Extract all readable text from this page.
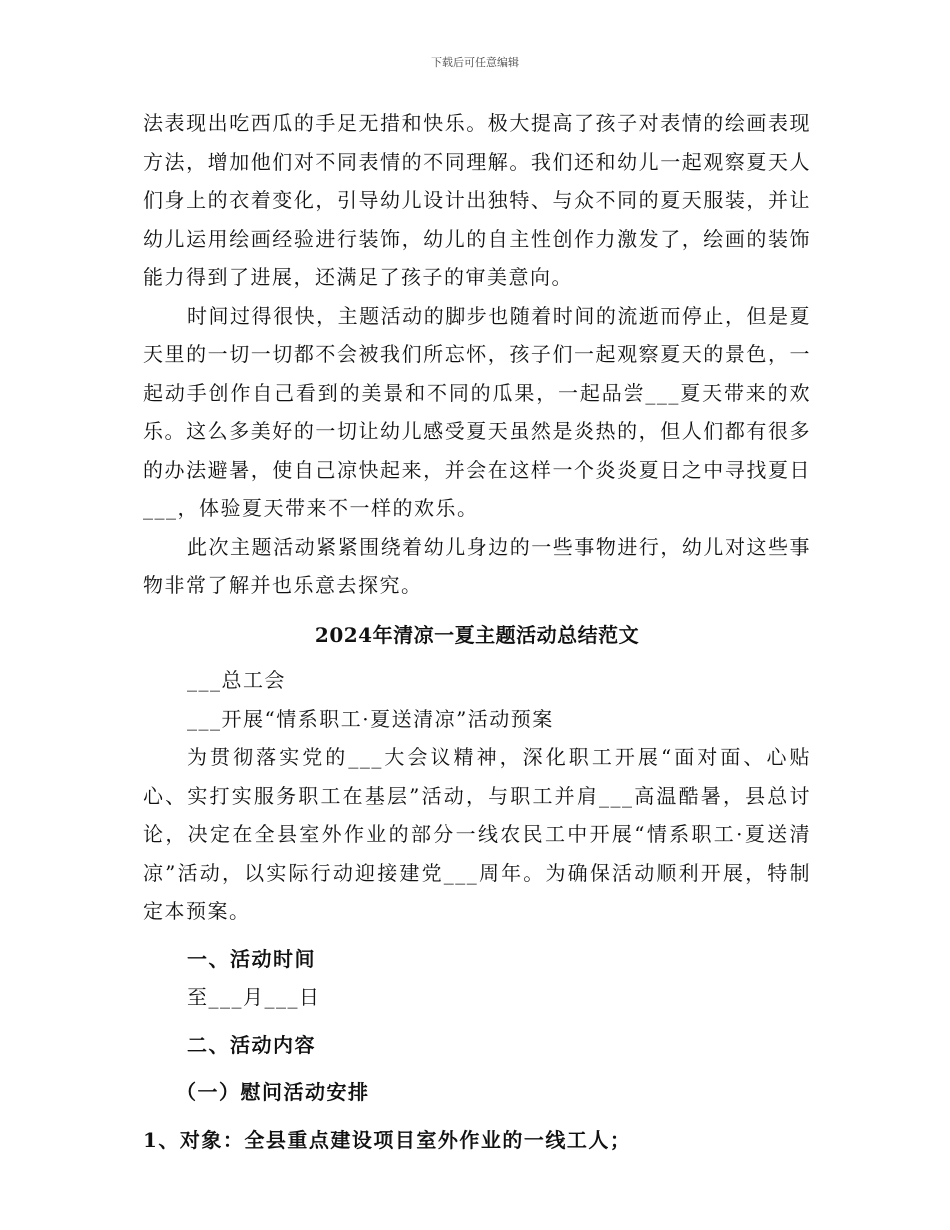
下载后可任意编辑

法表现出吃西瓜的手足无措和快乐。极大提高了孩子对表情的绘画表现方法，增加他们对不同表情的不同理解。我们还和幼儿一起观察夏天人们身上的衣着变化，引导幼儿设计出独特、与众不同的夏天服装，并让幼儿运用绘画经验进行装饰，幼儿的自主性创作力激发了，绘画的装饰能力得到了进展，还满足了孩子的审美意向。

时间过得很快，主题活动的脚步也随着时间的流逝而停止，但是夏天里的一切一切都不会被我们所忘怀，孩子们一起观察夏天的景色，一起动手创作自己看到的美景和不同的瓜果，一起品尝___夏天带来的欢乐。这么多美好的一切让幼儿感受夏天虽然是炎热的，但人们都有很多的办法避暑，使自己凉快起来，并会在这样一个炎炎夏日之中寻找夏日___，体验夏天带来不一样的欢乐。

此次主题活动紧紧围绕着幼儿身边的一些事物进行，幼儿对这些事物非常了解并也乐意去探究。

2024年清凉一夏主题活动总结范文

___总工会

___开展“情系职工·夏送清凉”活动预案

为贯彻落实党的___大会议精神，深化职工开展“面对面、心贴心、实打实服务职工在基层”活动，与职工并肩___高温酷暑，县总讨论，决定在全县室外作业的部分一线农民工中开展“情系职工·夏送清凉”活动，以实际行动迎接建党___周年。为确保活动顺利开展，特制定本预案。

一、活动时间

至___月___日

二、活动内容

（一）慰问活动安排

1、对象：全县重点建设项目室外作业的一线工人；
